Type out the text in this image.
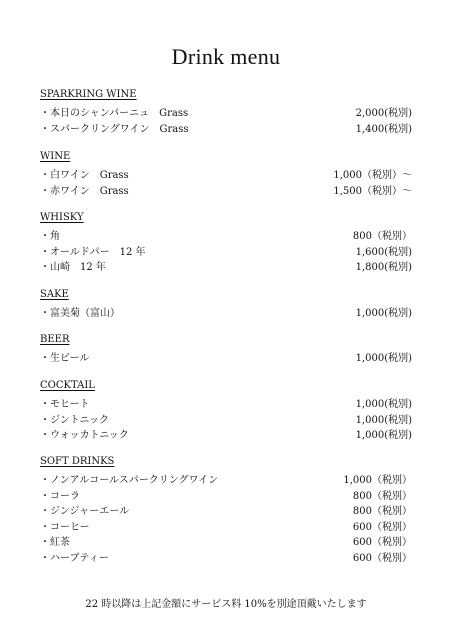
Drink menu
SPARKRING WINE
・本日のシャンパーニュ　Grass	2,000(税別)
・スパークリングワイン　Grass	1,400(税別)
WINE
・白ワイン　Grass	1,000（税別）〜
・赤ワイン　Grass	1,500（税別）〜
WHISKY
・角	800（税別）
・オールドパー　12 年	1,600(税別)
・山崎　12 年	1,800(税別)
SAKE
・富美菊（富山）	1,000(税別)
BEER
・生ビール	1,000(税別)
COCKTAIL
・モヒート	1,000(税別)
・ジントニック	1,000(税別)
・ウォッカトニック	1,000(税別)
SOFT DRINKS
・ノンアルコールスパークリングワイン	1,000（税別）
・コーラ	800（税別）
・ジンジャーエール	800（税別）
・コーヒー	600（税別）
・紅茶	600（税別）
・ハーブティー	600（税別）
22 時以降は上記金額にサービス料 10%を別途頂戴いたします
